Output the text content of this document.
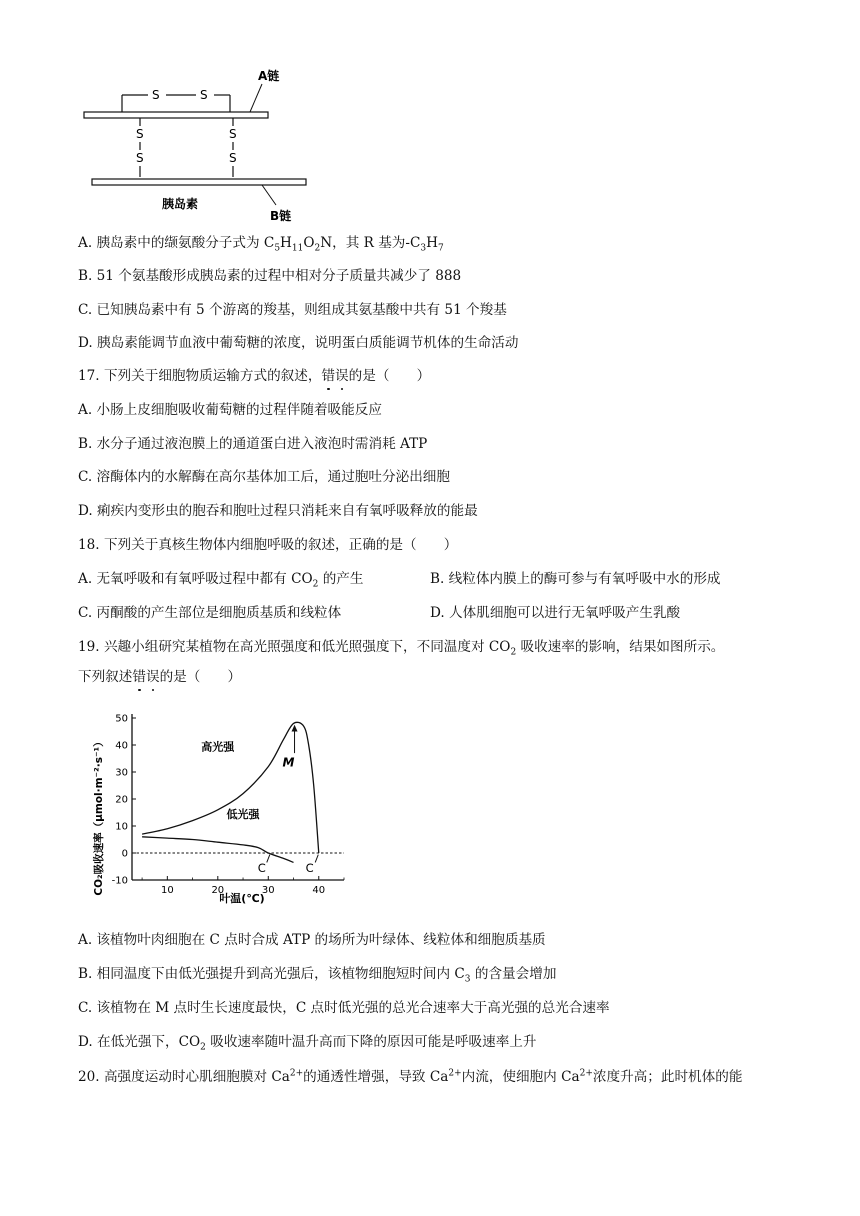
S	S
A链
S
S
S
S
胰岛素
B链
A. 胰岛素中的缬氨酸分子式为 $C_5H_{11}O_2N$，其 R 基为$-C_3H_7$
B. 51 个氨基酸形成胰岛素的过程中相对分子质量共减少了 888
C. 已知胰岛素中有 5 个游离的羧基，则组成其氨基酸中共有 51 个羧基
D. 胰岛素能调节血液中葡萄糖的浓度，说明蛋白质能调节机体的生命活动
17. 下列关于细胞物质运输方式的叙述，错误的是（　　）
A. 小肠上皮细胞吸收葡萄糖的过程伴随着吸能反应
B. 水分子通过液泡膜上的通道蛋白进入液泡时需消耗 ATP
C. 溶酶体内的水解酶在高尔基体加工后，通过胞吐分泌出细胞
D. 痢疾内变形虫的胞吞和胞吐过程只消耗来自有氧呼吸释放的能最
18. 下列关于真核生物体内细胞呼吸的叙述，正确的是（　　）
A. 无氧呼吸和有氧呼吸过程中都有 $CO_2$ 的产生	B. 线粒体内膜上的酶可参与有氧呼吸中水的形成
C. 丙酮酸的产生部位是细胞质基质和线粒体	D. 人体肌细胞可以进行无氧呼吸产生乳酸
19. 兴趣小组研究某植物在高光照强度和低光照强度下，不同温度对 $CO_2$ 吸收速率的影响，结果如图所示。
下列叙述错误的是（　　）
CO₂吸收速率（μmol·m⁻²·s⁻¹）
50
40
30
20
10
0
-10
10	20	30	40
高光强
低光强
M
C	C
叶温(℃)
A. 该植物叶肉细胞在 C 点时合成 ATP 的场所为叶绿体、线粒体和细胞质基质
B. 相同温度下由低光强提升到高光强后，该植物细胞短时间内 $C_3$ 的含量会增加
C. 该植物在 M 点时生长速度最快，C 点时低光强的总光合速率大于高光强的总光合速率
D. 在低光强下，$CO_2$ 吸收速率随叶温升高而下降的原因可能是呼吸速率上升
20. 高强度运动时心肌细胞膜对 $Ca^{2+}$的通透性增强，导致 $Ca^{2+}$内流，使细胞内 $Ca^{2+}$浓度升高；此时机体的能
